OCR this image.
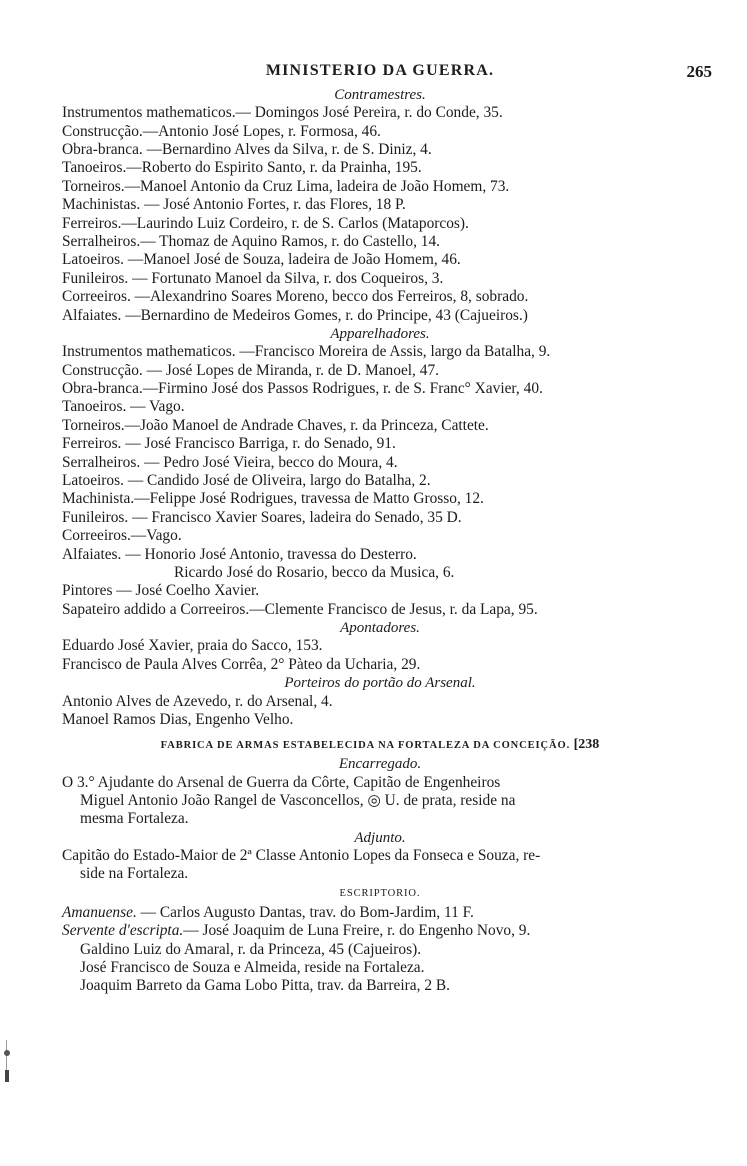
MINISTERIO DA GUERRA.	265
Contramestres.
Instrumentos mathematicos.— Domingos José Pereira, r. do Conde, 35.
Construcção.—Antonio José Lopes, r. Formosa, 46.
Obra-branca. —Bernardino Alves da Silva, r. de S. Diniz, 4.
Tanoeiros.—Roberto do Espirito Santo, r. da Prainha, 195.
Torneiros.—Manoel Antonio da Cruz Lima, ladeira de João Homem, 73.
Machinistas. — José Antonio Fortes, r. das Flores, 18 P.
Ferreiros.—Laurindo Luiz Cordeiro, r. de S. Carlos (Mataporcos).
Serralheiros.— Thomaz de Aquino Ramos, r. do Castello, 14.
Latoeiros. —Manoel José de Souza, ladeira de João Homem, 46.
Funileiros. — Fortunato Manoel da Silva, r. dos Coqueiros, 3.
Correeiros. —Alexandrino Soares Moreno, becco dos Ferreiros, 8, sobrado.
Alfaiates. —Bernardino de Medeiros Gomes, r. do Principe, 43 (Cajueiros.)
Apparelhadores.
Instrumentos mathematicos. —Francisco Moreira de Assis, largo da Batalha, 9.
Construcção. — José Lopes de Miranda, r. de D. Manoel, 47.
Obra-branca.—Firmino José dos Passos Rodrigues, r. de S. Franc° Xavier, 40.
Tanoeiros. — Vago.
Torneiros.—João Manoel de Andrade Chaves, r. da Princeza, Cattete.
Ferreiros. — José Francisco Barriga, r. do Senado, 91.
Serralheiros. — Pedro José Vieira, becco do Moura, 4.
Latoeiros. — Candido José de Oliveira, largo do Batalha, 2.
Machinista.—Felippe José Rodrigues, travessa de Matto Grosso, 12.
Funileiros. — Francisco Xavier Soares, ladeira do Senado, 35 D.
Correeiros.—Vago.
Alfaiates. — Honorio José Antonio, travessa do Desterro.
Ricardo José do Rosario, becco da Musica, 6.
Pintores — José Coelho Xavier.
Sapateiro addido a Correeiros.—Clemente Francisco de Jesus, r. da Lapa, 95.
Apontadores.
Eduardo José Xavier, praia do Sacco, 153.
Francisco de Paula Alves Corrêa, 2° Pàteo da Ucharia, 29.
Porteiros do portão do Arsenal.
Antonio Alves de Azevedo, r. do Arsenal, 4.
Manoel Ramos Dias, Engenho Velho.
FABRICA DE ARMAS ESTABELECIDA NA FORTALEZA DA CONCEIÇÃO. [238
Encarregado.
O 3.° Ajudante do Arsenal de Guerra da Côrte, Capitão de Engenheiros
Miguel Antonio João Rangel de Vasconcellos, ◎ U. de prata, reside na
mesma Fortaleza.
Adjunto.
Capitão do Estado-Maior de 2ª Classe Antonio Lopes da Fonseca e Souza, re-
side na Fortaleza.
ESCRIPTORIO.
Amanuense. — Carlos Augusto Dantas, trav. do Bom-Jardim, 11 F.
Servente d'escripta.— José Joaquim de Luna Freire, r. do Engenho Novo, 9.
Galdino Luiz do Amaral, r. da Princeza, 45 (Cajueiros).
José Francisco de Souza e Almeida, reside na Fortaleza.
Joaquim Barreto da Gama Lobo Pitta, trav. da Barreira, 2 B.
